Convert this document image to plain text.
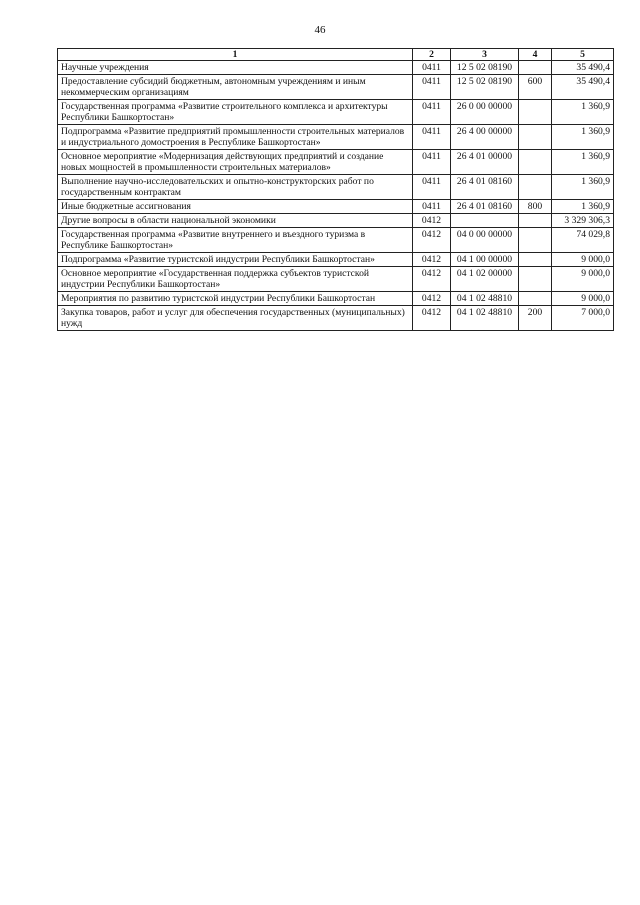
46
1	2	3	4	5
Научные учреждения	0411	12 5 02 08190		35 490,4
Предоставление субсидий бюджетным, автономным учреждениям и иным некоммерческим организациям	0411	12 5 02 08190	600	35 490,4
Государственная программа «Развитие строительного комплекса и архитектуры Республики Башкортостан»	0411	26 0 00 00000		1 360,9
Подпрограмма «Развитие предприятий промышленности строительных материалов и индустриального домостроения в Республике Башкортостан»	0411	26 4 00 00000		1 360,9
Основное мероприятие «Модернизация действующих предприятий и создание новых мощностей в промышленности строительных материалов»	0411	26 4 01 00000		1 360,9
Выполнение научно-исследовательских и опытно-конструкторских работ по государственным контрактам	0411	26 4 01 08160		1 360,9
Иные бюджетные ассигнования	0411	26 4 01 08160	800	1 360,9
Другие вопросы в области национальной экономики	0412			3 329 306,3
Государственная программа «Развитие внутреннего и въездного туризма в Республике Башкортостан»	0412	04 0 00 00000		74 029,8
Подпрограмма «Развитие туристской индустрии Республики Башкортостан»	0412	04 1 00 00000		9 000,0
Основное мероприятие «Государственная поддержка субъектов туристской индустрии Республики Башкортостан»	0412	04 1 02 00000		9 000,0
Мероприятия по развитию туристской индустрии Республики Башкортостан	0412	04 1 02 48810		9 000,0
Закупка товаров, работ и услуг для обеспечения государственных (муниципальных) нужд	0412	04 1 02 48810	200	7 000,0
